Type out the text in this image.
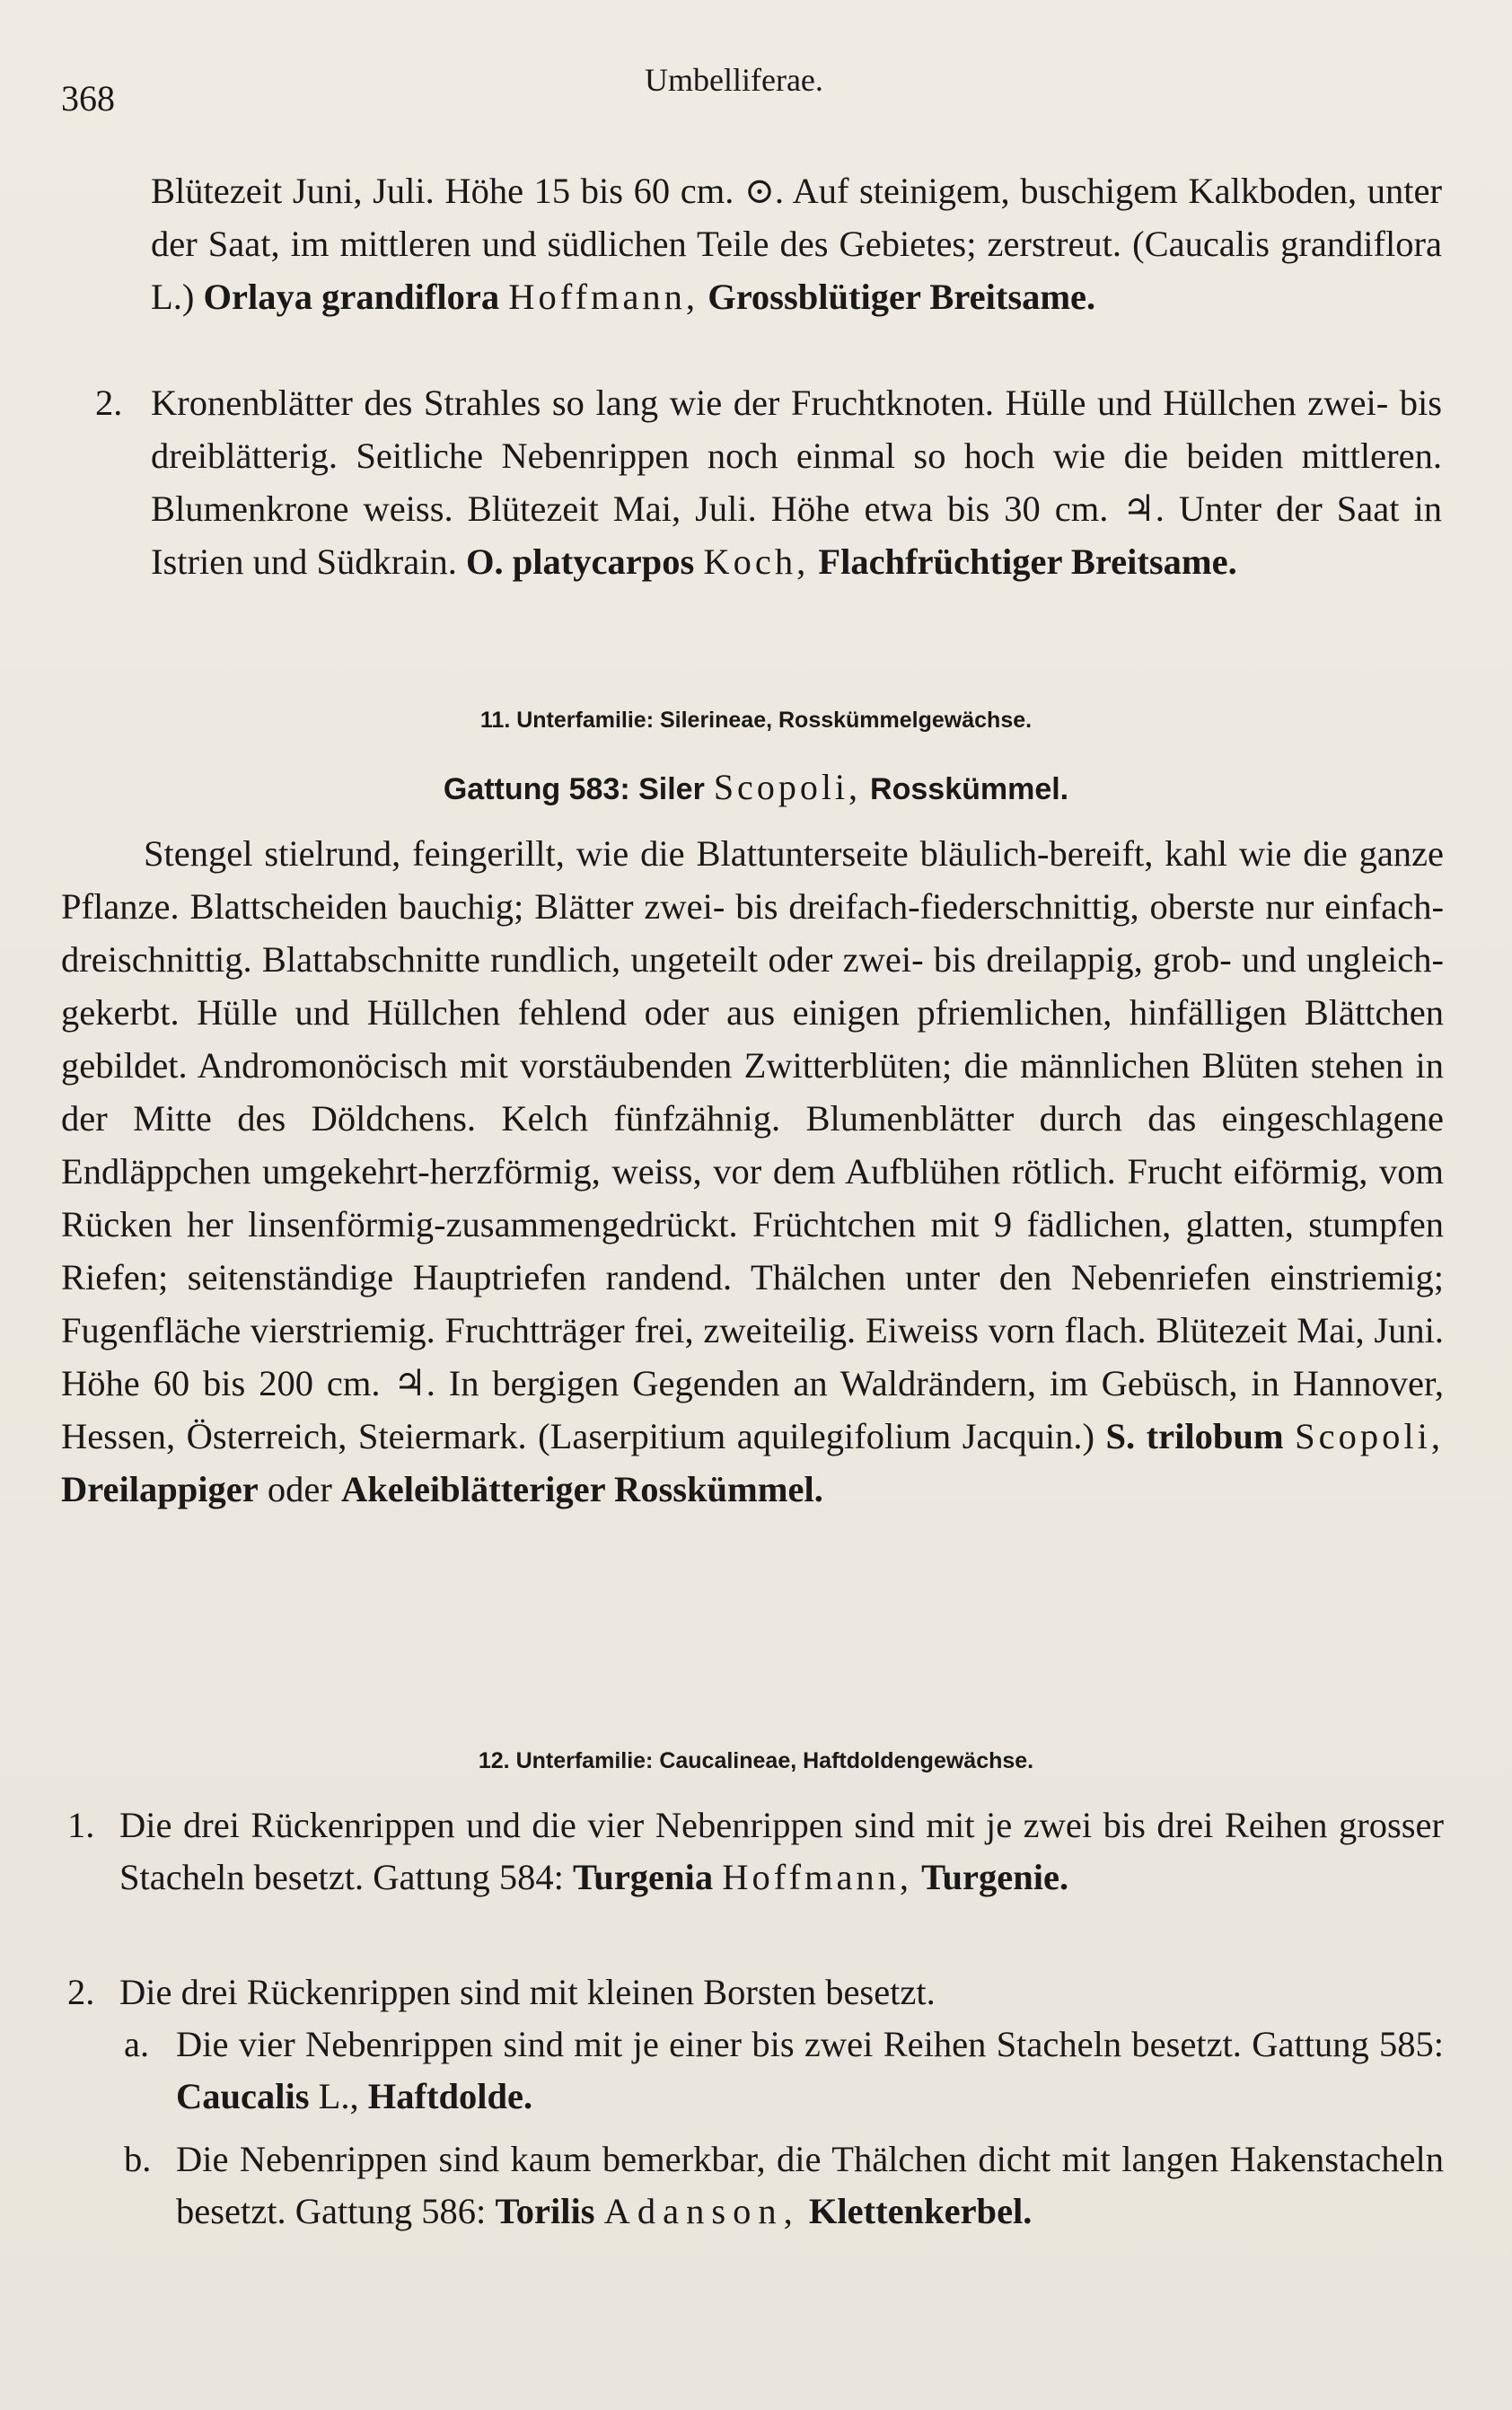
368	Umbelliferae.

Blütezeit Juni, Juli. Höhe 15 bis 60 cm. ⊙. Auf steinigem, buschigem Kalkboden, unter der Saat, im mittleren und südlichen Teile des Gebietes; zerstreut. (Caucalis grandiflora L.) Orlaya grandiflora Hoffmann, Grossblütiger Breitsame.

2. Kronenblätter des Strahles so lang wie der Fruchtknoten. Hülle und Hüllchen zwei- bis dreiblätterig. Seitliche Nebenrippen noch einmal so hoch wie die beiden mittleren. Blumenkrone weiss. Blütezeit Mai, Juli. Höhe etwa bis 30 cm. ♃. Unter der Saat in Istrien und Südkrain. O. platycarpos Koch, Flachfrüchtiger Breitsame.
11. Unterfamilie: Silerineae, Rosskümmelgewächse.
Gattung 583: Siler Scopoli, Rosskümmel.

Stengel stielrund, feingerillt, wie die Blattunterseite bläulich-bereift, kahl wie die ganze Pflanze. Blattscheiden bauchig; Blätter zwei- bis dreifach-fiederschnittig, oberste nur einfach-dreischnittig. Blattabschnitte rundlich, ungeteilt oder zwei- bis dreilappig, grob- und ungleich-gekerbt. Hülle und Hüllchen fehlend oder aus einigen pfriemlichen, hinfälligen Blättchen gebildet. Andromonöcisch mit vorstäubenden Zwitterblüten; die männlichen Blüten stehen in der Mitte des Döldchens. Kelch fünfzähnig. Blumenblätter durch das eingeschlagene Endläppchen umgekehrt-herzförmig, weiss, vor dem Aufblühen rötlich. Frucht eiförmig, vom Rücken her linsenförmig-zusammengedrückt. Früchtchen mit 9 fädlichen, glatten, stumpfen Riefen; seitenständige Hauptriefen randend. Thälchen unter den Nebenriefen einstriemig; Fugenfläche vierstriemig. Fruchtträger frei, zweiteilig. Eiweiss vorn flach. Blütezeit Mai, Juni. Höhe 60 bis 200 cm. ♃. In bergigen Gegenden an Waldrändern, im Gebüsch, in Hannover, Hessen, Österreich, Steiermark. (Laserpitium aquilegifolium Jacquin.) S. trilobum Scopoli, Dreilappiger oder Akeleiblätteriger Rosskümmel.

12. Unterfamilie: Caucalineae, Haftdoldengewächse.
1. Die drei Rückenrippen und die vier Nebenrippen sind mit je zwei bis drei Reihen grosser Stacheln besetzt. Gattung 584: Turgenia Hoffmann, Turgenie.
2. Die drei Rückenrippen sind mit kleinen Borsten besetzt.
a. Die vier Nebenrippen sind mit je einer bis zwei Reihen Stacheln besetzt. Gattung 585: Caucalis L., Haftdolde.
b. Die Nebenrippen sind kaum bemerkbar, die Thälchen dicht mit langen Hakenstacheln besetzt. Gattung 586: Torilis Adanson, Klettenkerbel.
